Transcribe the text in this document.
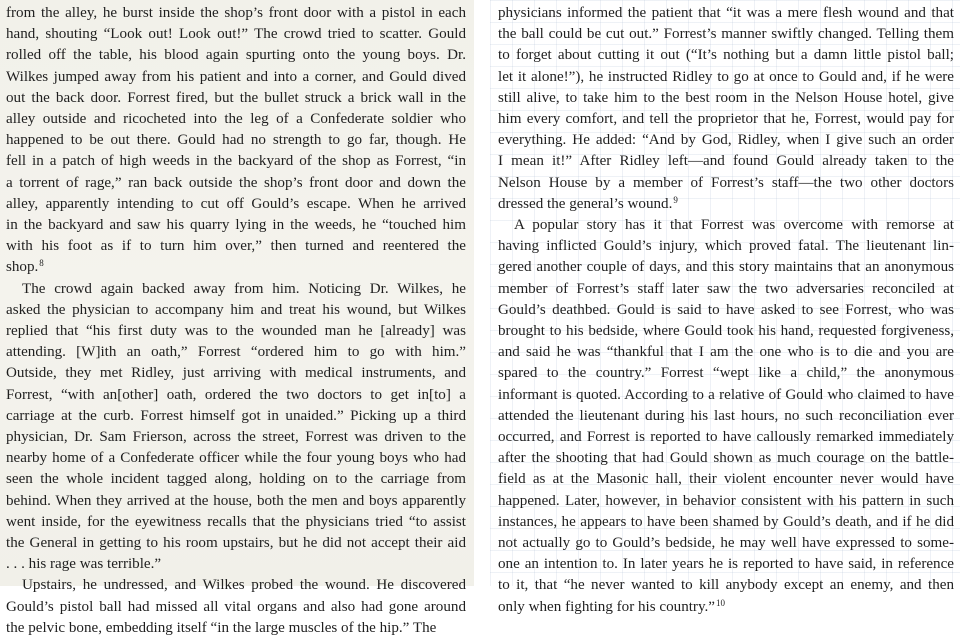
from the alley, he burst inside the shop’s front door with a pistol in each
hand, shouting “Look out! Look out!” The crowd tried to scatter. Gould
rolled off the table, his blood again spurting onto the young boys. Dr.
Wilkes jumped away from his patient and into a corner, and Gould dived
out the back door. Forrest fired, but the bullet struck a brick wall in the
alley outside and ricocheted into the leg of a Confederate soldier who
happened to be out there. Gould had no strength to go far, though. He
fell in a patch of high weeds in the backyard of the shop as Forrest, “in
a torrent of rage,” ran back outside the shop’s front door and down the
alley, apparently intending to cut off Gould’s escape. When he arrived
in the backyard and saw his quarry lying in the weeds, he “touched him
with his foot as if to turn him over,” then turned and reentered the
shop.$^8$

The crowd again backed away from him. Noticing Dr. Wilkes, he
asked the physician to accompany him and treat his wound, but Wilkes
replied that “his first duty was to the wounded man he [already] was
attending. [W]ith an oath,” Forrest “ordered him to go with him.”
Outside, they met Ridley, just arriving with medical instruments, and
Forrest, “with an[other] oath, ordered the two doctors to get in[to] a
carriage at the curb. Forrest himself got in unaided.” Picking up a third
physician, Dr. Sam Frierson, across the street, Forrest was driven to the
nearby home of a Confederate officer while the four young boys who had
seen the whole incident tagged along, holding on to the carriage from
behind. When they arrived at the house, both the men and boys apparently
went inside, for the eyewitness recalls that the physicians tried “to assist
the General in getting to his room upstairs, but he did not accept their aid
. . . his rage was terrible.”

Upstairs, he undressed, and Wilkes probed the wound. He discovered
Gould’s pistol ball had missed all vital organs and also had gone around
the pelvic bone, embedding itself “in the large muscles of the hip.” The

physicians informed the patient that “it was a mere flesh wound and that
the ball could be cut out.” Forrest’s manner swiftly changed. Telling them
to forget about cutting it out (“It’s nothing but a damn little pistol ball;
let it alone!”), he instructed Ridley to go at once to Gould and, if he were
still alive, to take him to the best room in the Nelson House hotel, give
him every comfort, and tell the proprietor that he, Forrest, would pay for
everything. He added: “And by God, Ridley, when I give such an order
I mean it!” After Ridley left—and found Gould already taken to the
Nelson House by a member of Forrest’s staff—the two other doctors
dressed the general’s wound.$^9$

A popular story has it that Forrest was overcome with remorse at
having inflicted Gould’s injury, which proved fatal. The lieutenant lin-
gered another couple of days, and this story maintains that an anonymous
member of Forrest’s staff later saw the two adversaries reconciled at
Gould’s deathbed. Gould is said to have asked to see Forrest, who was
brought to his bedside, where Gould took his hand, requested forgiveness,
and said he was “thankful that I am the one who is to die and you are
spared to the country.” Forrest “wept like a child,” the anonymous
informant is quoted. According to a relative of Gould who claimed to have
attended the lieutenant during his last hours, no such reconciliation ever
occurred, and Forrest is reported to have callously remarked immediately
after the shooting that had Gould shown as much courage on the battle-
field as at the Masonic hall, their violent encounter never would have
happened. Later, however, in behavior consistent with his pattern in such
instances, he appears to have been shamed by Gould’s death, and if he did
not actually go to Gould’s bedside, he may well have expressed to some-
one an intention to. In later years he is reported to have said, in reference
to it, that “he never wanted to kill anybody except an enemy, and then
only when fighting for his country.”$^{10}$
